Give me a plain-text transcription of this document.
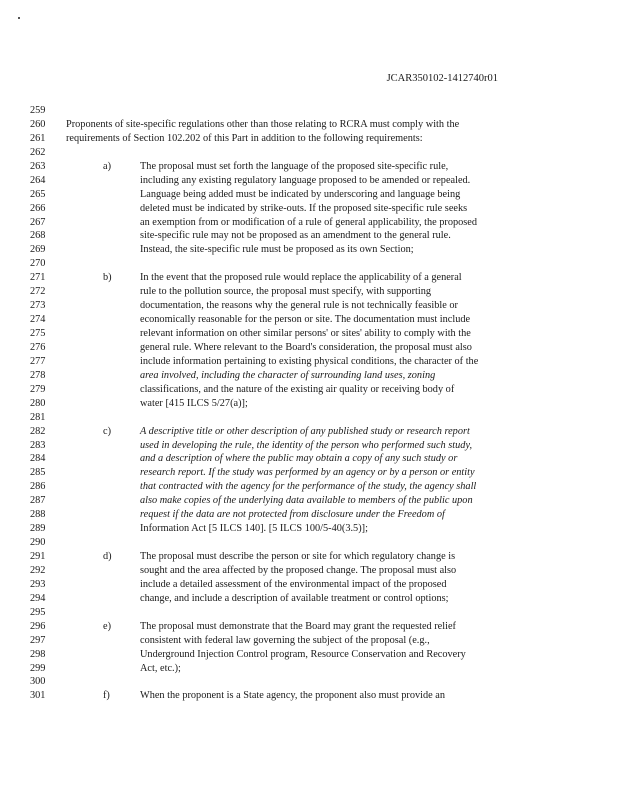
JCAR350102-1412740r01
259
260	Proponents of site-specific regulations other than those relating to RCRA must comply with the
261	requirements of Section 102.202 of this Part in addition to the following requirements:
262
263	a)	The proposal must set forth the language of the proposed site-specific rule,
264	including any existing regulatory language proposed to be amended or repealed.
265	Language being added must be indicated by underscoring and language being
266	deleted must be indicated by strike-outs. If the proposed site-specific rule seeks
267	an exemption from or modification of a rule of general applicability, the proposed
268	site-specific rule may not be proposed as an amendment to the general rule.
269	Instead, the site-specific rule must be proposed as its own Section;
270
271	b)	In the event that the proposed rule would replace the applicability of a general
272	rule to the pollution source, the proposal must specify, with supporting
273	documentation, the reasons why the general rule is not technically feasible or
274	economically reasonable for the person or site. The documentation must include
275	relevant information on other similar persons' or sites' ability to comply with the
276	general rule. Where relevant to the Board's consideration, the proposal must also
277	include information pertaining to existing physical conditions, the character of the
278	area involved, including the character of surrounding land uses, zoning
279	classifications, and the nature of the existing air quality or receiving body of
280	water [415 ILCS 5/27(a)];
281
282	c)	A descriptive title or other description of any published study or research report
283	used in developing the rule, the identity of the person who performed such study,
284	and a description of where the public may obtain a copy of any such study or
285	research report. If the study was performed by an agency or by a person or entity
286	that contracted with the agency for the performance of the study, the agency shall
287	also make copies of the underlying data available to members of the public upon
288	request if the data are not protected from disclosure under the Freedom of
289	Information Act [5 ILCS 140]. [5 ILCS 100/5-40(3.5)];
290
291	d)	The proposal must describe the person or site for which regulatory change is
292	sought and the area affected by the proposed change. The proposal must also
293	include a detailed assessment of the environmental impact of the proposed
294	change, and include a description of available treatment or control options;
295
296	e)	The proposal must demonstrate that the Board may grant the requested relief
297	consistent with federal law governing the subject of the proposal (e.g.,
298	Underground Injection Control program, Resource Conservation and Recovery
299	Act, etc.);
300
301	f)	When the proponent is a State agency, the proponent also must provide an
